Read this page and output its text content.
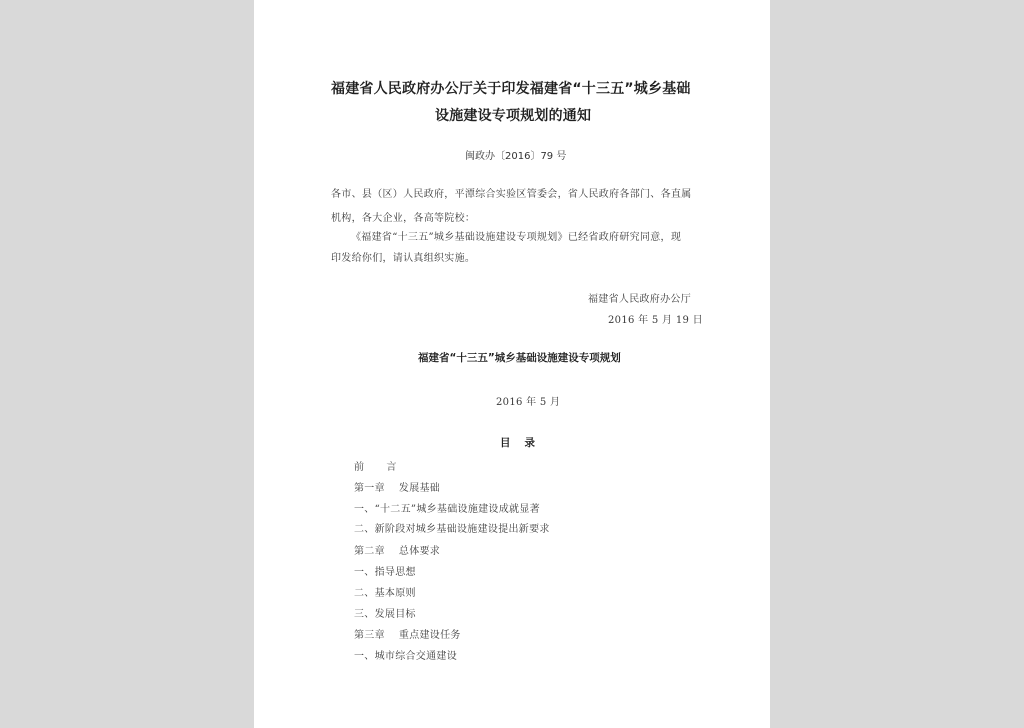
福建省人民政府办公厅关于印发福建省“十三五”城乡基础
设施建设专项规划的通知
闽政办〔2016〕79 号
各市、县（区）人民政府，平潭综合实验区管委会，省人民政府各部门、各直属
机构，各大企业，各高等院校：
《福建省“十三五”城乡基础设施建设专项规划》已经省政府研究同意，现
印发给你们，请认真组织实施。
福建省人民政府办公厅
2016 年 5 月 19 日
福建省“十三五”城乡基础设施建设专项规划
2016 年 5 月
目录
前 言
第一章 发展基础
一、“十二五”城乡基础设施建设成就显著
二、新阶段对城乡基础设施建设提出新要求
第二章 总体要求
一、指导思想
二、基本原则
三、发展目标
第三章 重点建设任务
一、城市综合交通建设
